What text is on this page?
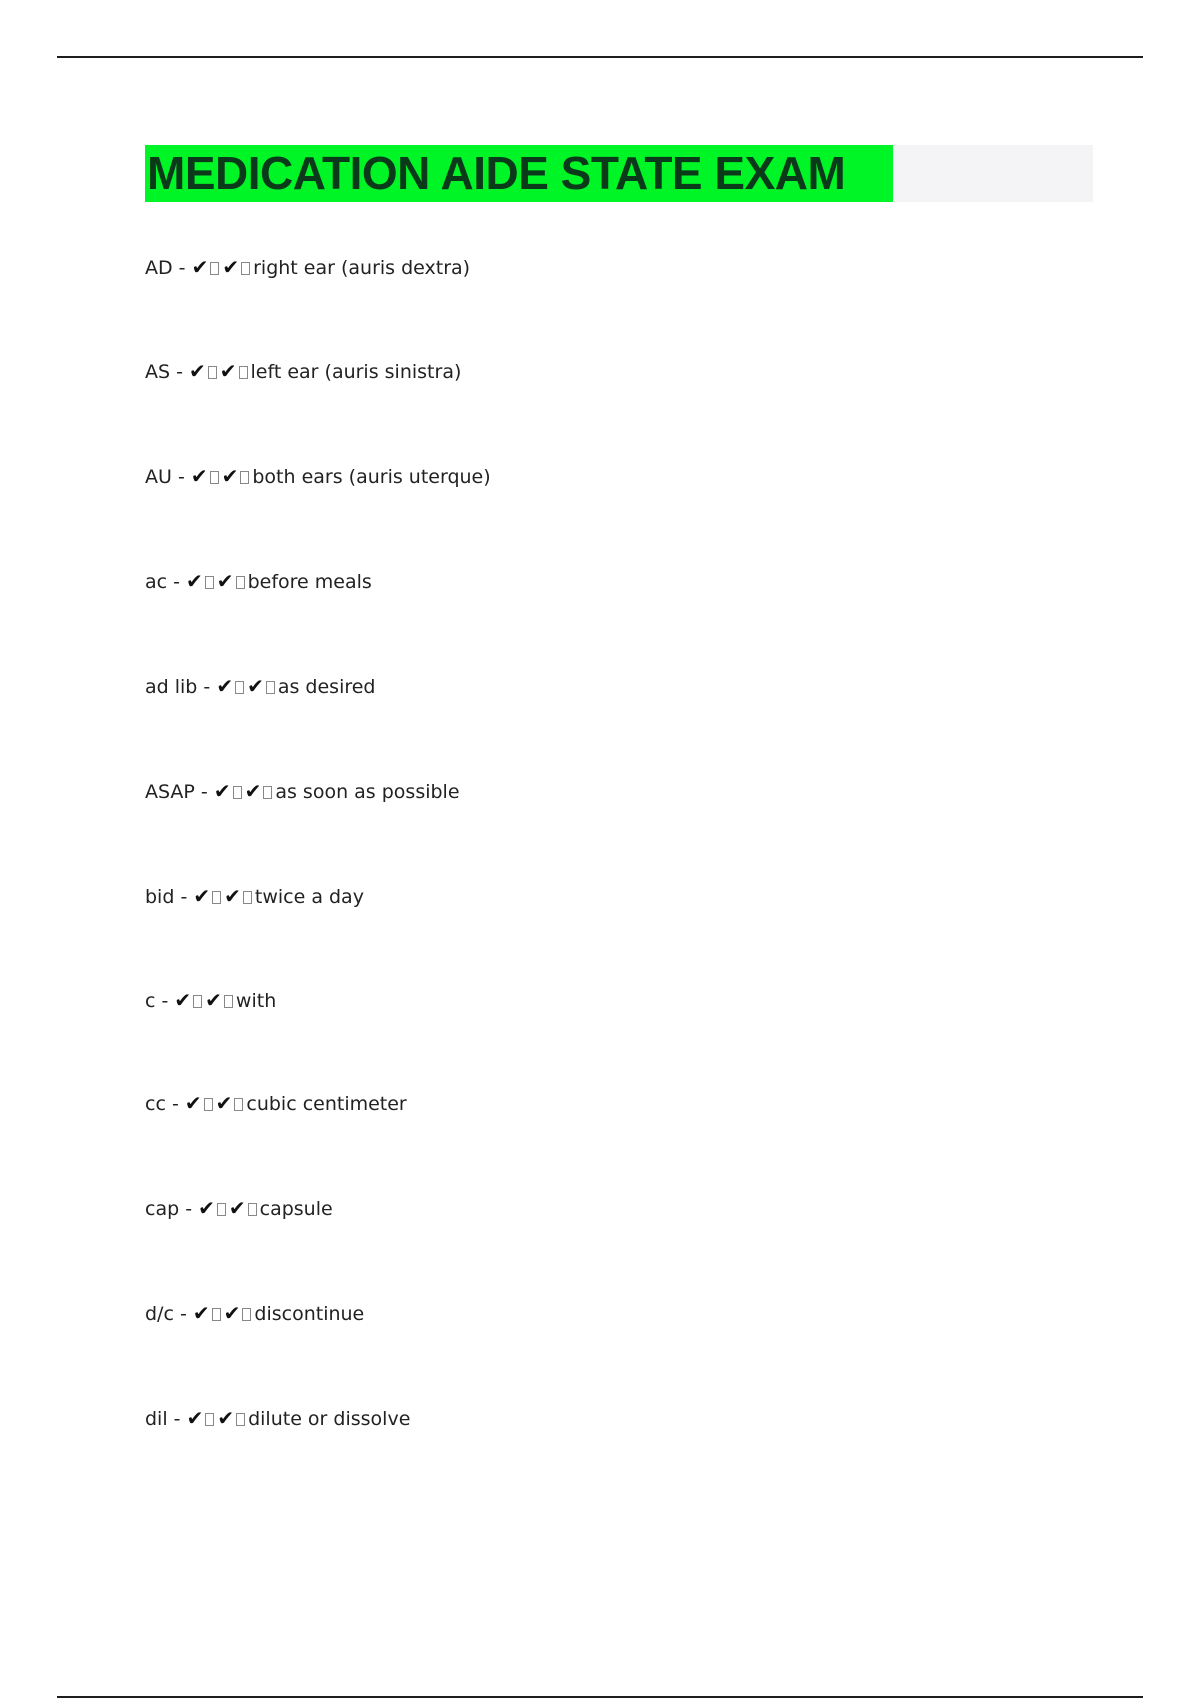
MEDICATION AIDE STATE EXAM
AD - ✔ ✔ right ear (auris dextra)
AS - ✔ ✔ left ear (auris sinistra)
AU - ✔ ✔ both ears (auris uterque)
ac - ✔ ✔ before meals
ad lib - ✔ ✔ as desired
ASAP - ✔ ✔ as soon as possible
bid - ✔ ✔ twice a day
c - ✔ ✔ with
cc - ✔ ✔ cubic centimeter
cap - ✔ ✔ capsule
d/c - ✔ ✔ discontinue
dil - ✔ ✔ dilute or dissolve
